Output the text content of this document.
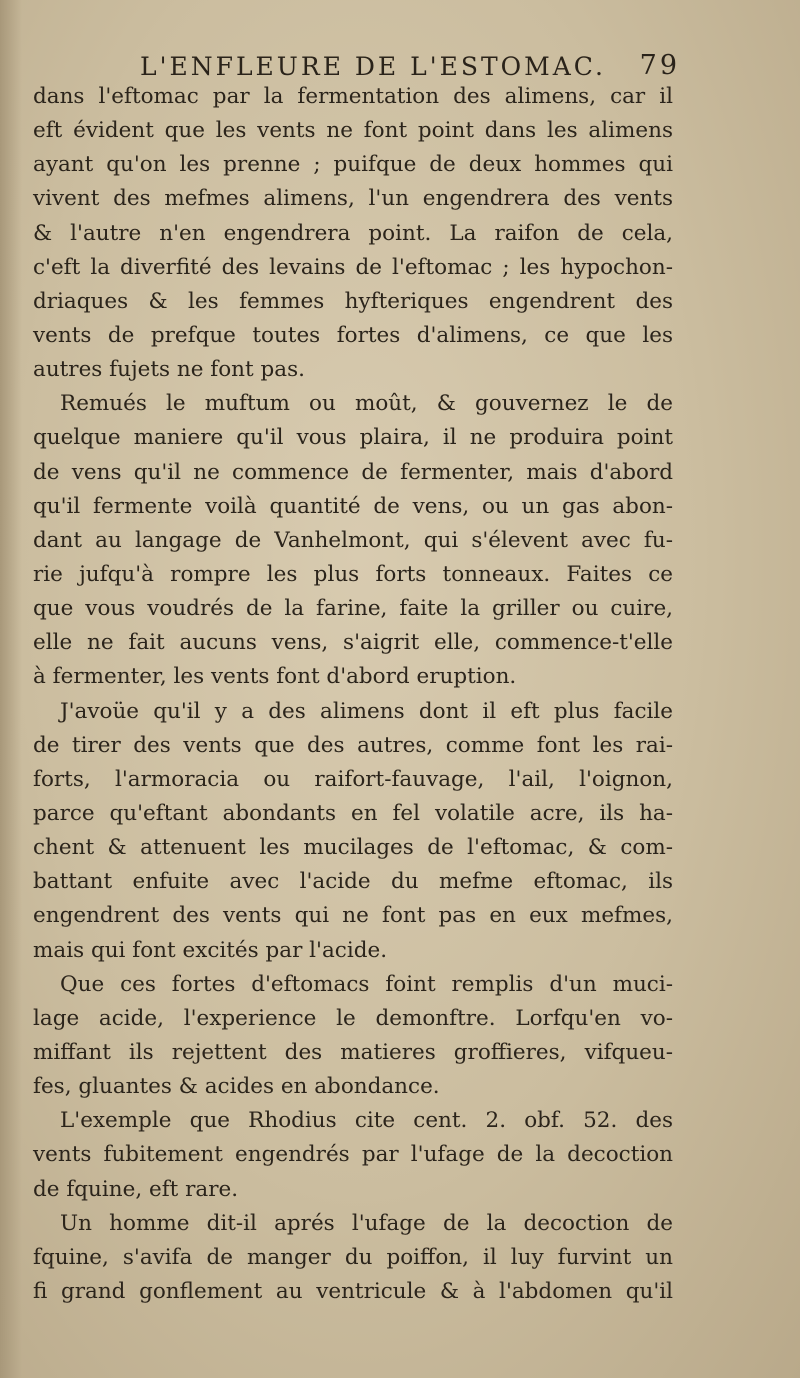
L'ENFLEURE DE L'ESTOMAC. 79
dans l'eftomac par la fermentation des alimens, car il
eft évident que les vents ne font point dans les alimens
ayant qu'on les prenne ; puifque de deux hommes qui
vivent des mefmes alimens, l'un engendrera des vents
& l'autre n'en engendrera point. La raifon de cela,
c'eft la diverfité des levains de l'eftomac ; les hypochon-
driaques & les femmes hyfteriques engendrent des
vents de prefque toutes fortes d'alimens, ce que les
autres fujets ne font pas.
Remués le muftum ou moût, & gouvernez le de
quelque maniere qu'il vous plaira, il ne produira point
de vens qu'il ne commence de fermenter, mais d'abord
qu'il fermente voilà quantité de vens, ou un gas abon-
dant au langage de Vanhelmont, qui s'élevent avec fu-
rie jufqu'à rompre les plus forts tonneaux. Faites ce
que vous voudrés de la farine, faite la griller ou cuire,
elle ne fait aucuns vens, s'aigrit elle, commence-t'elle
à fermenter, les vents font d'abord eruption.
J'avoüe qu'il y a des alimens dont il eft plus facile
de tirer des vents que des autres, comme font les rai-
forts, l'armoracia ou raifort-fauvage, l'ail, l'oignon,
parce qu'eftant abondants en fel volatile acre, ils ha-
chent & attenuent les mucilages de l'eftomac, & com-
battant enfuite avec l'acide du mefme eftomac, ils
engendrent des vents qui ne font pas en eux mefmes,
mais qui font excités par l'acide.
Que ces fortes d'eftomacs foint remplis d'un muci-
lage acide, l'experience le demonftre. Lorfqu'en vo-
miffant ils rejettent des matieres groffieres, vifqueu-
fes, gluantes & acides en abondance.
L'exemple que Rhodius cite cent. 2. obf. 52. des
vents fubitement engendrés par l'ufage de la decoction
de fquine, eft rare.
Un homme dit-il aprés l'ufage de la decoction de
fquine, s'avifa de manger du poiffon, il luy furvint un
fi grand gonflement au ventricule & à l'abdomen qu'il
